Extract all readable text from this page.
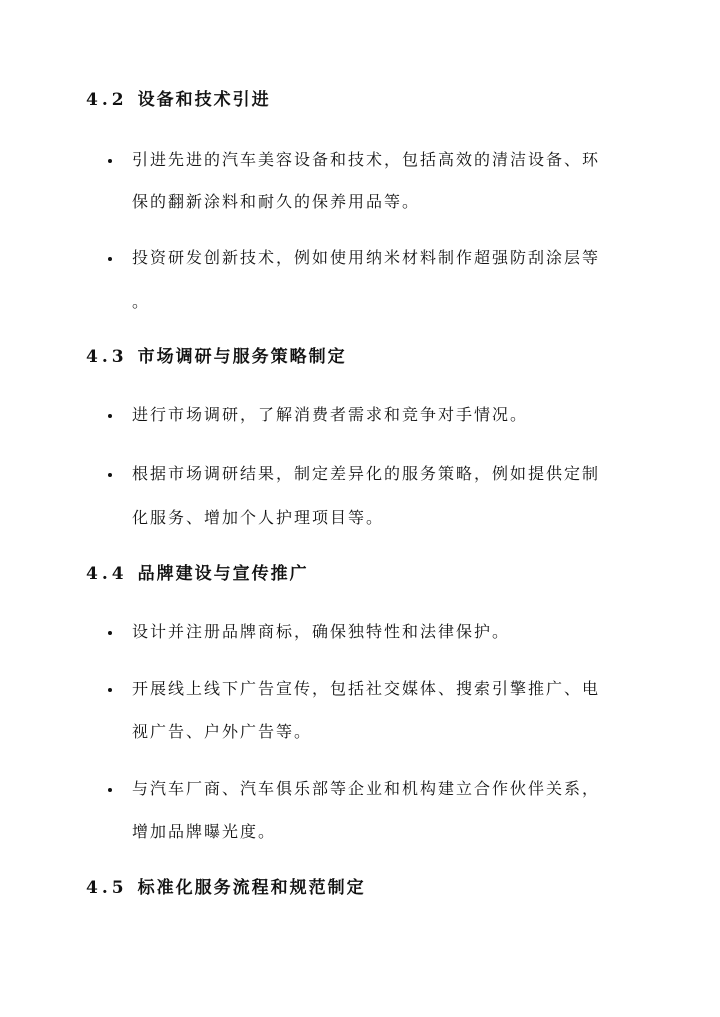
4.2 设备和技术引进
引进先进的汽车美容设备和技术，包括高效的清洁设备、环
保的翻新涂料和耐久的保养用品等。
投资研发创新技术，例如使用纳米材料制作超强防刮涂层等
。
4.3 市场调研与服务策略制定
进行市场调研，了解消费者需求和竞争对手情况。
根据市场调研结果，制定差异化的服务策略，例如提供定制
化服务、增加个人护理项目等。
4.4 品牌建设与宣传推广
设计并注册品牌商标，确保独特性和法律保护。
开展线上线下广告宣传，包括社交媒体、搜索引擎推广、电
视广告、户外广告等。
与汽车厂商、汽车俱乐部等企业和机构建立合作伙伴关系，
增加品牌曝光度。
4.5 标准化服务流程和规范制定
